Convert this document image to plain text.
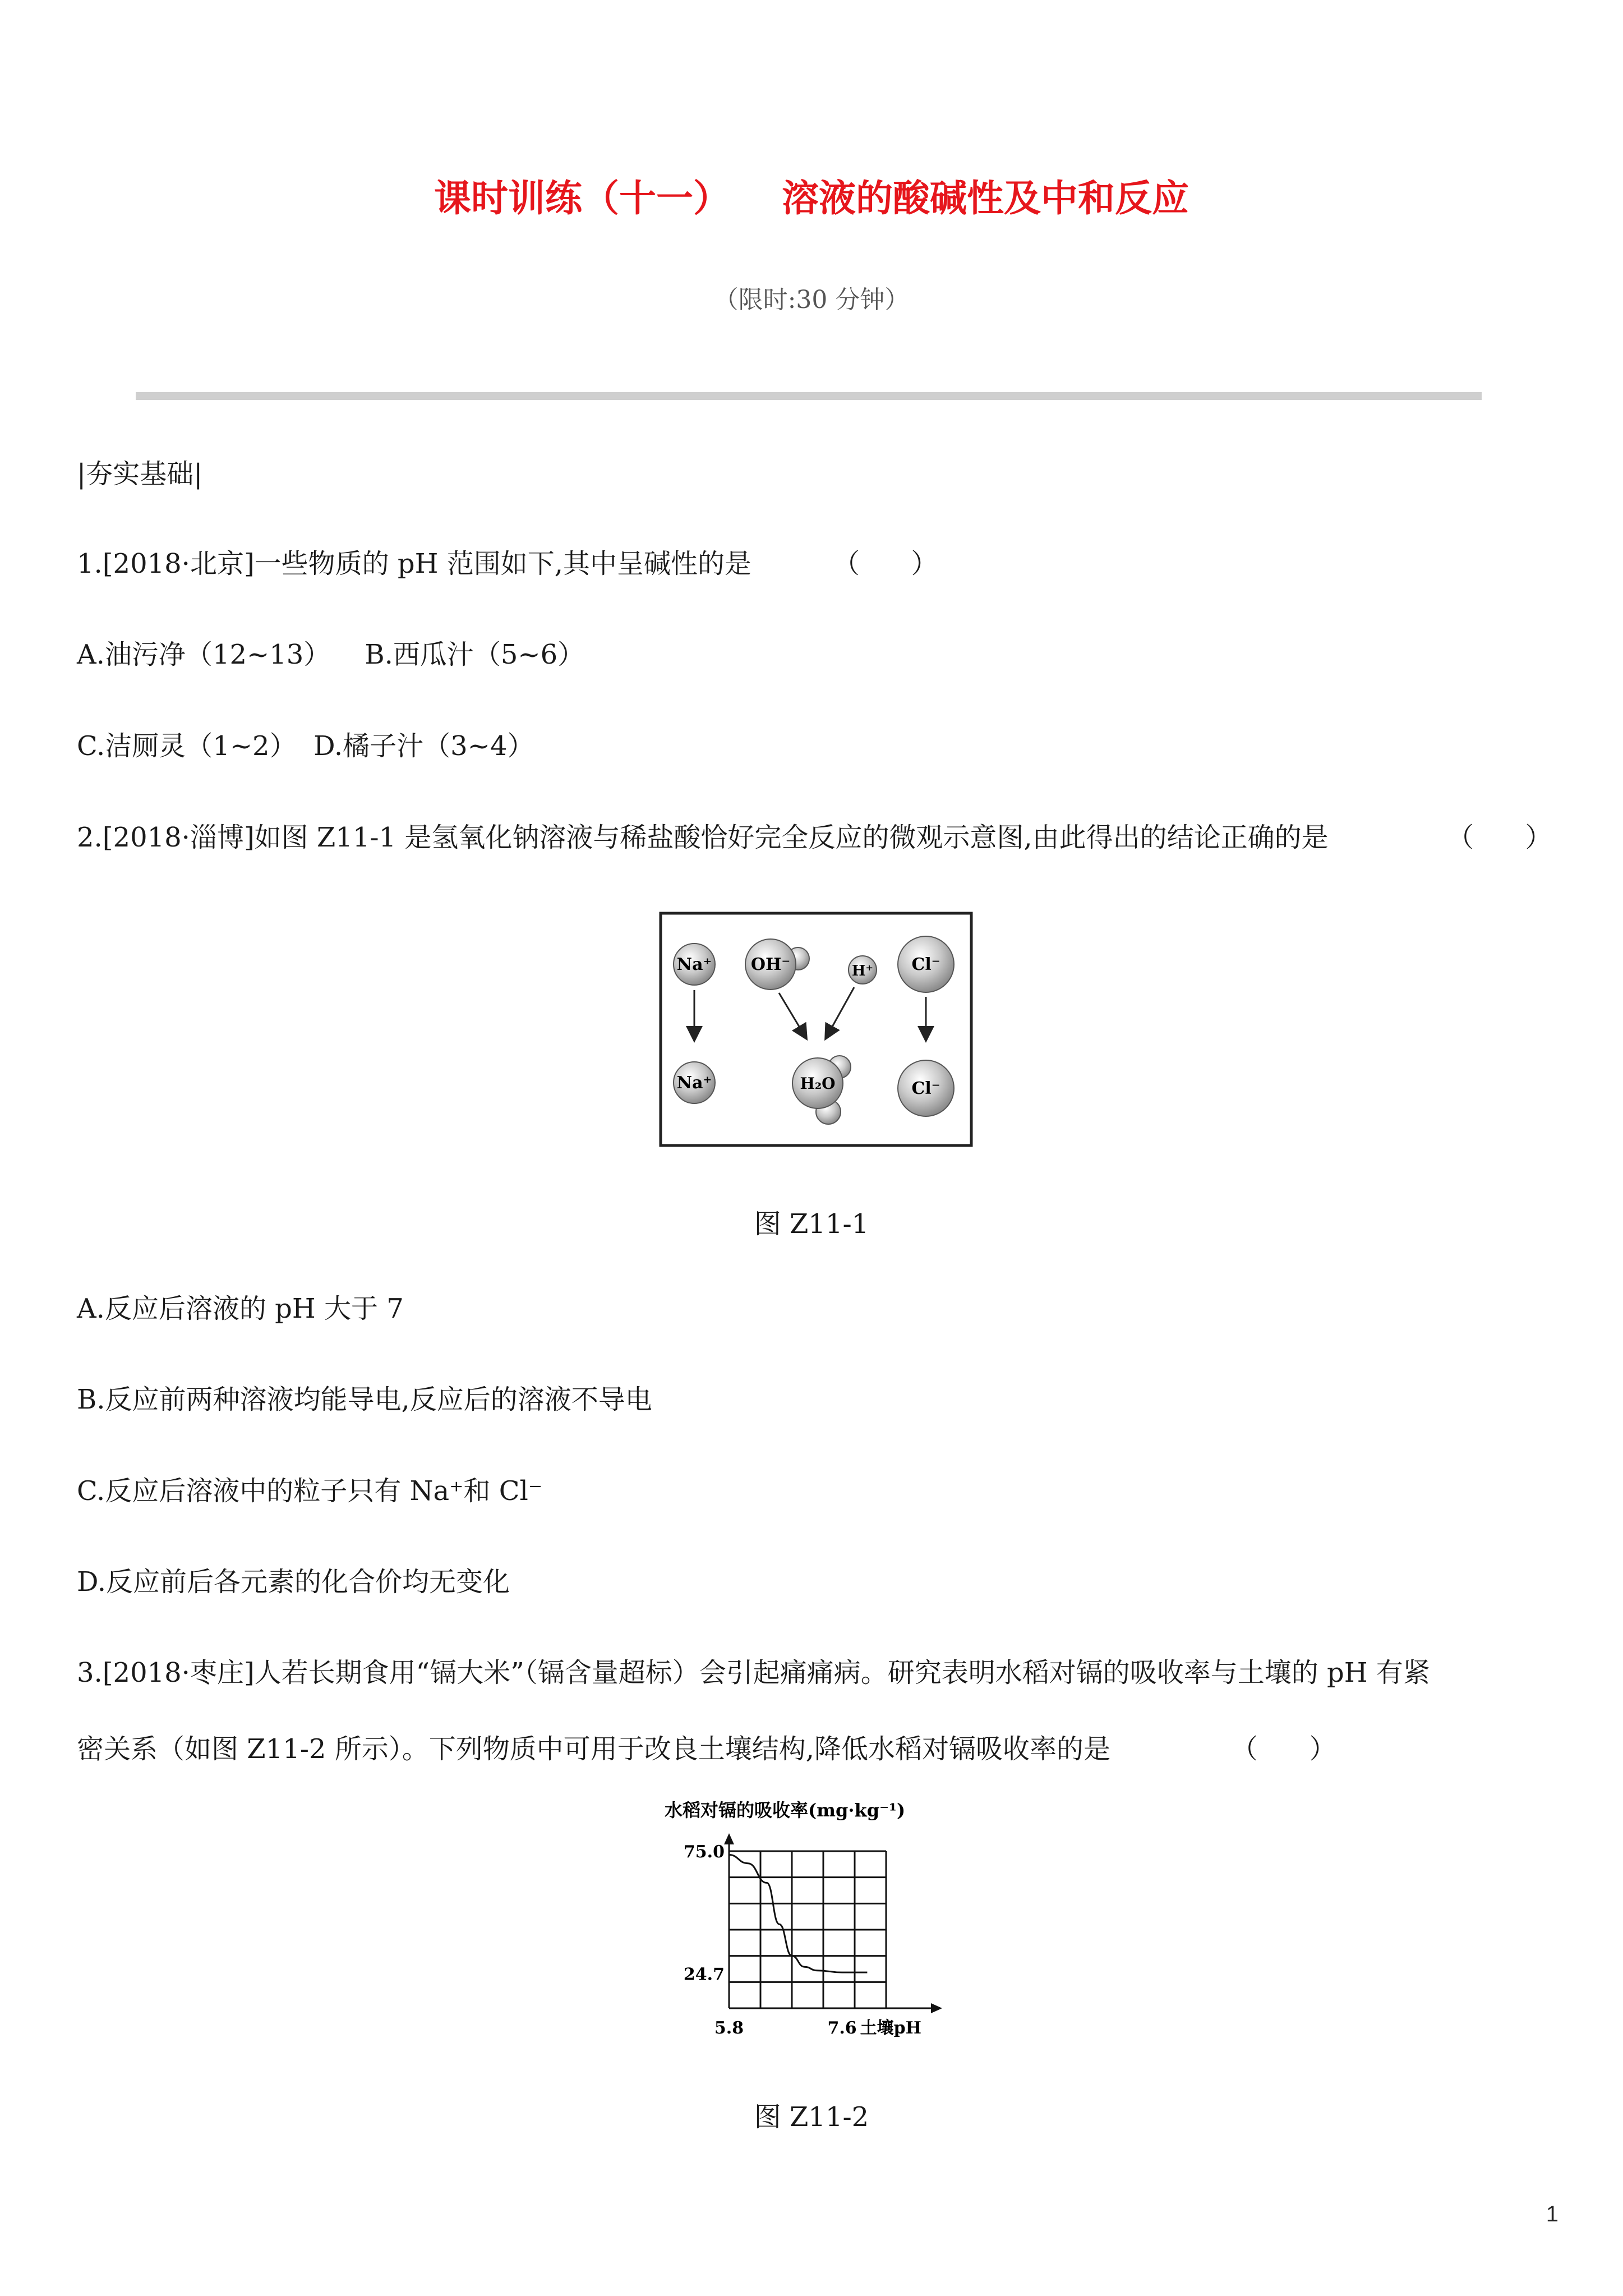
课时训练（十一）    溶液的酸碱性及中和反应
（限时:30 分钟）
|夯实基础|
1.[2018·北京]一些物质的 pH 范围如下,其中呈碱性的是	（      ）
A.油污净（12~13）    B.西瓜汁（5~6）
C.洁厕灵（1~2）  D.橘子汁（3~4）
2.[2018·淄博]如图 Z11-1 是氢氧化钠溶液与稀盐酸恰好完全反应的微观示意图,由此得出的结论正确的是	（      ）
Na⁺ OH⁻	H⁺ Cl⁻
Na⁺	H₂O	Cl⁻
图 Z11-1
A.反应后溶液的 pH 大于 7
B.反应前两种溶液均能导电,反应后的溶液不导电
C.反应后溶液中的粒子只有 Na⁺和 Cl⁻
D.反应前后各元素的化合价均无变化
3.[2018·枣庄]人若长期食用“镉大米”（镉含量超标）会引起痛痛病。研究表明水稻对镉的吸收率与土壤的 pH 有紧
密关系（如图 Z11-2 所示）。下列物质中可用于改良土壤结构,降低水稻对镉吸收率的是	（      ）
水稻对镉的吸收率(mg·kg⁻¹)
75.0
24.7
5.8	7.6 土壤pH
图 Z11-2
1
